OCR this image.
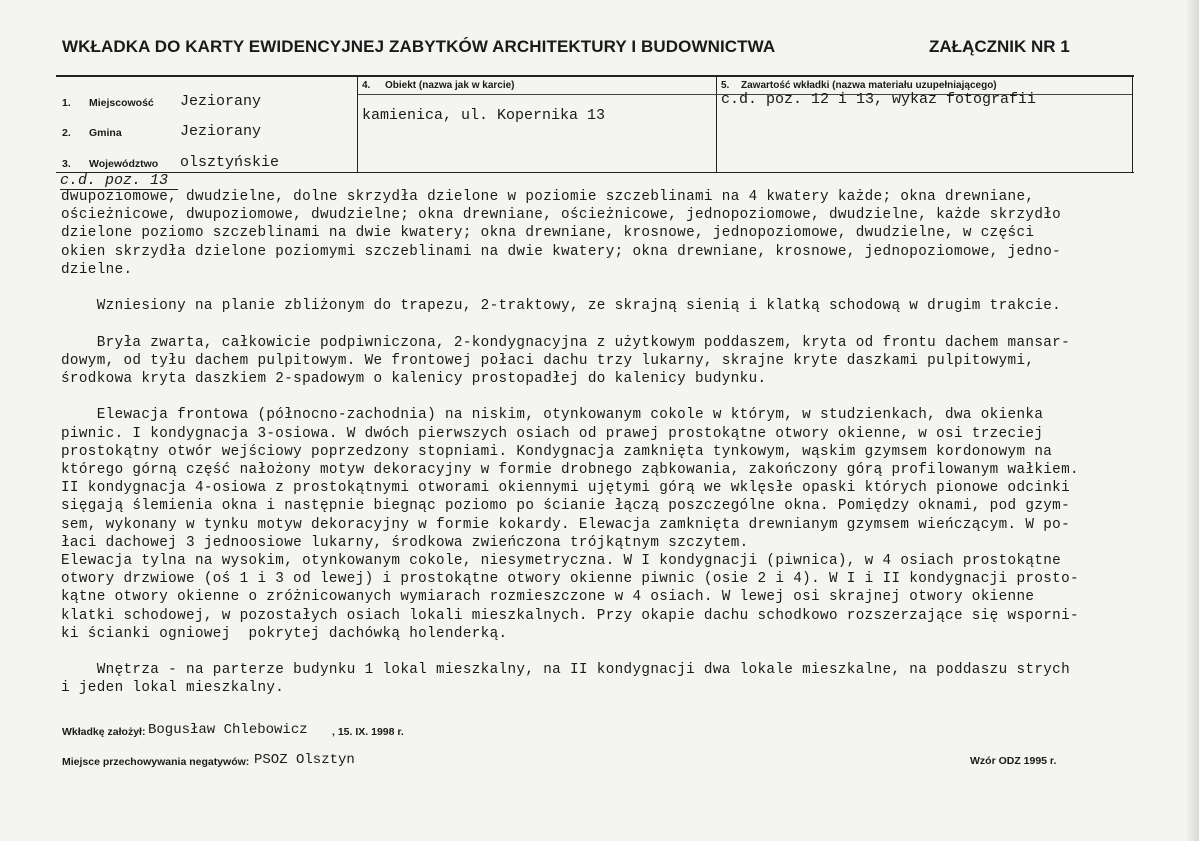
WKŁADKA DO KARTY EWIDENCYJNEJ ZABYTKÓW ARCHITEKTURY I BUDOWNICTWA	ZAŁĄCZNIK NR 1
1. Miejscowość Jeziorany
2. Gmina	Jeziorany
3. Województwo olsztyńskie
4. Obiekt (nazwa jak w karcie)
kamienica, ul. Kopernika 13
5. Zawartość wkładki (nazwa materiału uzupełniającego)
c.d. poz. 12 i 13, wykaz fotografii
c.d. poz. 13
dwupoziomowe, dwudzielne, dolne skrzydła dzielone w poziomie szczeblinami na 4 kwatery każde; okna drewniane,
ościeżnicowe, dwupoziomowe, dwudzielne; okna drewniane, ościeżnicowe, jednopoziomowe, dwudzielne, każde skrzydło
dzielone poziomo szczeblinami na dwie kwatery; okna drewniane, krosnowe, jednopoziomowe, dwudzielne, w części
okien skrzydła dzielone poziomymi szczeblinami na dwie kwatery; okna drewniane, krosnowe, jednopoziomowe, jedno-
dzielne.

Wzniesiony na planie zbliżonym do trapezu, 2-traktowy, ze skrajną sienią i klatką schodową w drugim trakcie.

Bryła zwarta, całkowicie podpiwniczona, 2-kondygnacyjna z użytkowym poddaszem, kryta od frontu dachem mansar-
dowym, od tyłu dachem pulpitowym. We frontowej połaci dachu trzy lukarny, skrajne kryte daszkami pulpitowymi,
środkowa kryta daszkiem 2-spadowym o kalenicy prostopadłej do kalenicy budynku.

Elewacja frontowa (północno-zachodnia) na niskim, otynkowanym cokole w którym, w studzienkach, dwa okienka
piwnic. I kondygnacja 3-osiowa. W dwóch pierwszych osiach od prawej prostokątne otwory okienne, w osi trzeciej
prostokątny otwór wejściowy poprzedzony stopniami. Kondygnacja zamknięta tynkowym, wąskim gzymsem kordonowym na
którego górną część nałożony motyw dekoracyjny w formie drobnego ząbkowania, zakończony górą profilowanym wałkiem.
II kondygnacja 4-osiowa z prostokątnymi otworami okiennymi ujętymi górą we wklęsłe opaski których pionowe odcinki
sięgają ślemienia okna i następnie biegnąc poziomo po ścianie łączą poszczególne okna. Pomiędzy oknami, pod gzym-
sem, wykonany w tynku motyw dekoracyjny w formie kokardy. Elewacja zamknięta drewnianym gzymsem wieńczącym. W po-
łaci dachowej 3 jednoosiowe lukarny, środkowa zwieńczona trójkątnym szczytem.
Elewacja tylna na wysokim, otynkowanym cokole, niesymetryczna. W I kondygnacji (piwnica), w 4 osiach prostokątne
otwory drzwiowe (oś 1 i 3 od lewej) i prostokątne otwory okienne piwnic (osie 2 i 4). W I i II kondygnacji prosto-
kątne otwory okienne o zróżnicowanych wymiarach rozmieszczone w 4 osiach. W lewej osi skrajnej otwory okienne
klatki schodowej, w pozostałych osiach lokali mieszkalnych. Przy okapie dachu schodkowo rozszerzające się wsporni-
ki ścianki ogniowej  pokrytej dachówką holenderką.

Wnętrza - na parterze budynku 1 lokal mieszkalny, na II kondygnacji dwa lokale mieszkalne, na poddaszu strych
i jeden lokal mieszkalny.
Wkładkę założył: Bogusław Chlebowicz , 15. IX. 1998 r.
Miejsce przechowywania negatywów: PSOZ Olsztyn	Wzór ODZ 1995 r.
